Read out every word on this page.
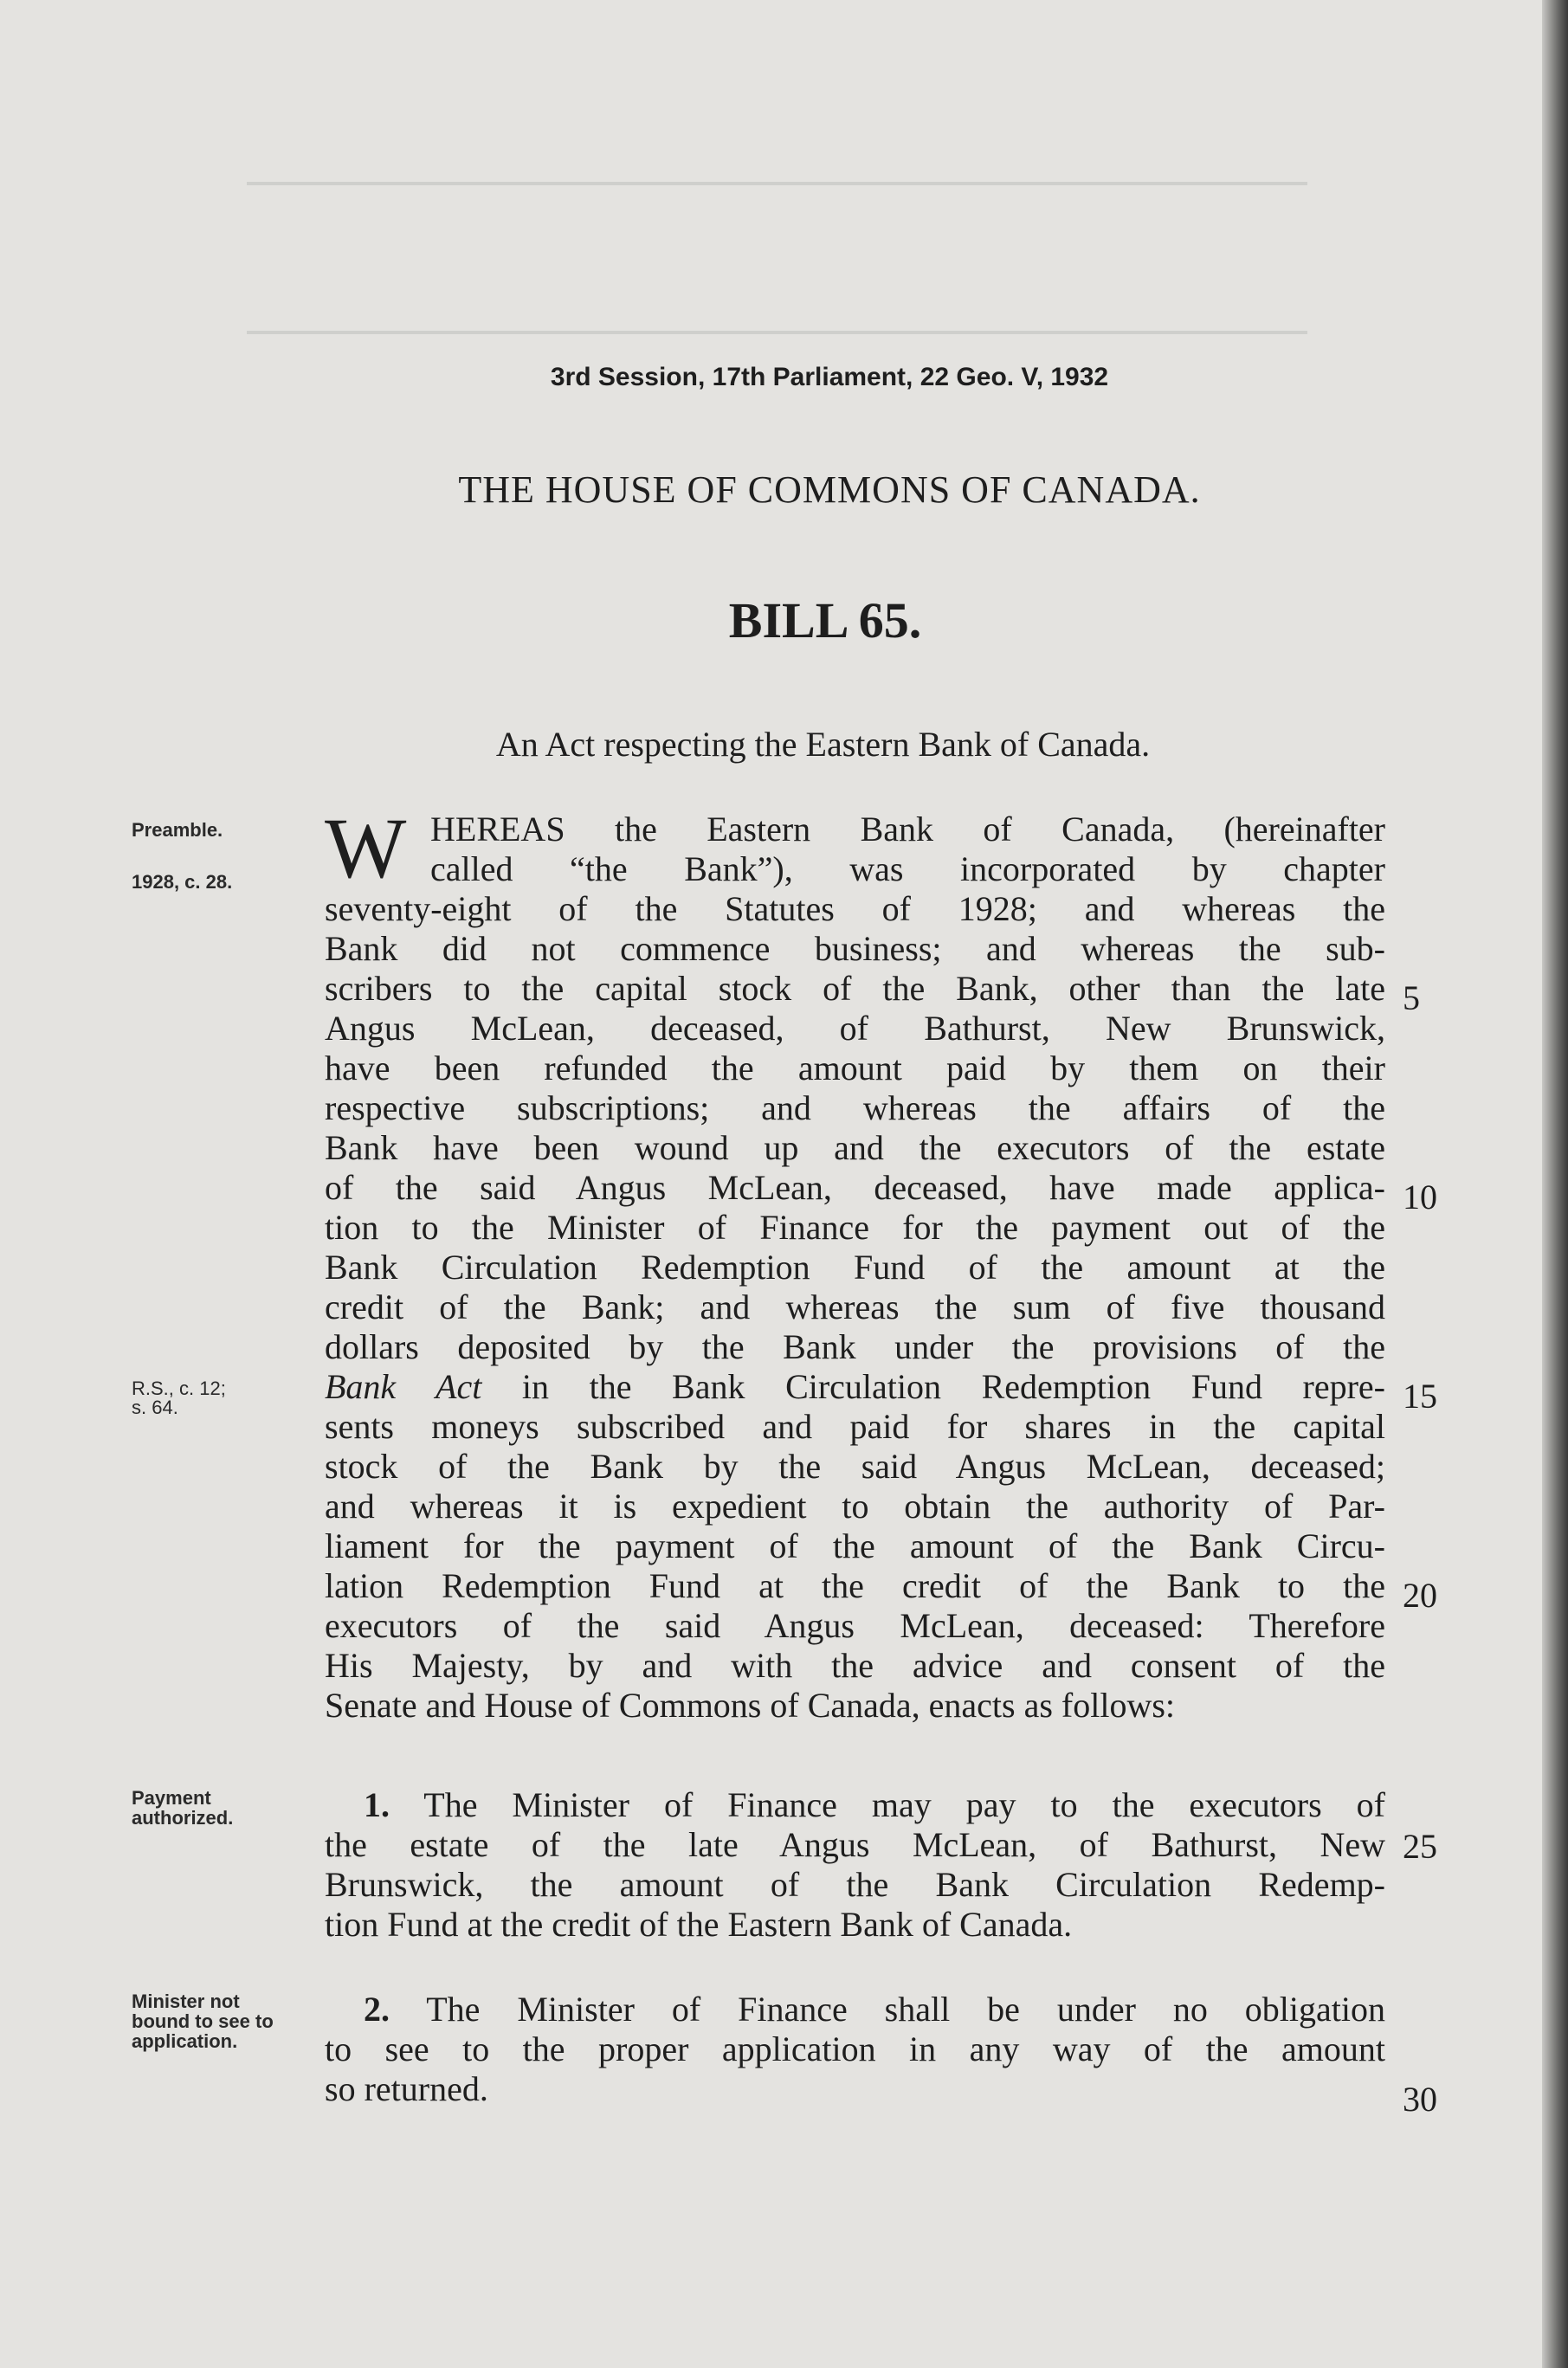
3rd Session, 17th Parliament, 22 Geo. V, 1932
THE HOUSE OF COMMONS OF CANADA.
BILL 65.
An Act respecting the Eastern Bank of Canada.
Preamble.
1928, c. 28.
R.S., c. 12;
s. 64.
Payment authorized.
Minister not bound to see to application.
W HEREAS the Eastern Bank of Canada, (hereinafter
called “the Bank”), was incorporated by chapter
seventy-eight of the Statutes of 1928; and whereas the
Bank did not commence business; and whereas the sub-
scribers to the capital stock of the Bank, other than the late
Angus McLean, deceased, of Bathurst, New Brunswick,
have been refunded the amount paid by them on their
respective subscriptions; and whereas the affairs of the
Bank have been wound up and the executors of the estate
of the said Angus McLean, deceased, have made applica-
tion to the Minister of Finance for the payment out of the
Bank Circulation Redemption Fund of the amount at the
credit of the Bank; and whereas the sum of five thousand
dollars deposited by the Bank under the provisions of the
Bank Act in the Bank Circulation Redemption Fund repre-
sents moneys subscribed and paid for shares in the capital
stock of the Bank by the said Angus McLean, deceased;
and whereas it is expedient to obtain the authority of Par-
liament for the payment of the amount of the Bank Circu-
lation Redemption Fund at the credit of the Bank to the
executors of the said Angus McLean, deceased: Therefore
His Majesty, by and with the advice and consent of the
Senate and House of Commons of Canada, enacts as follows:
1. The Minister of Finance may pay to the executors of
the estate of the late Angus McLean, of Bathurst, New
Brunswick, the amount of the Bank Circulation Redemp-
tion Fund at the credit of the Eastern Bank of Canada.
2. The Minister of Finance shall be under no obligation
to see to the proper application in any way of the amount
so returned.
5
10
15
20
25
30
